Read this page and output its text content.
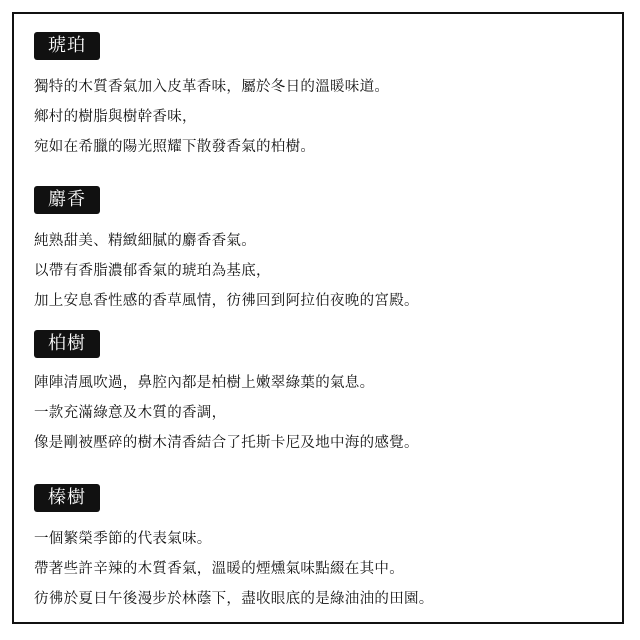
琥珀
獨特的木質香氣加入皮革香味，屬於冬日的溫暖味道。
鄉村的樹脂與樹幹香味，
宛如在希臘的陽光照耀下散發香氣的柏樹。
麝香
純熟甜美、精緻細膩的麝香香氣。
以帶有香脂濃郁香氣的琥珀為基底，
加上安息香性感的香草風情，彷彿回到阿拉伯夜晚的宮殿。
柏樹
陣陣清風吹過，鼻腔內都是柏樹上嫩翠綠葉的氣息。
一款充滿綠意及木質的香調，
像是剛被壓碎的樹木清香結合了托斯卡尼及地中海的感覺。
榛樹
一個繁榮季節的代表氣味。
帶著些許辛辣的木質香氣，溫暖的煙燻氣味點綴在其中。
彷彿於夏日午後漫步於林蔭下，盡收眼底的是綠油油的田園。
